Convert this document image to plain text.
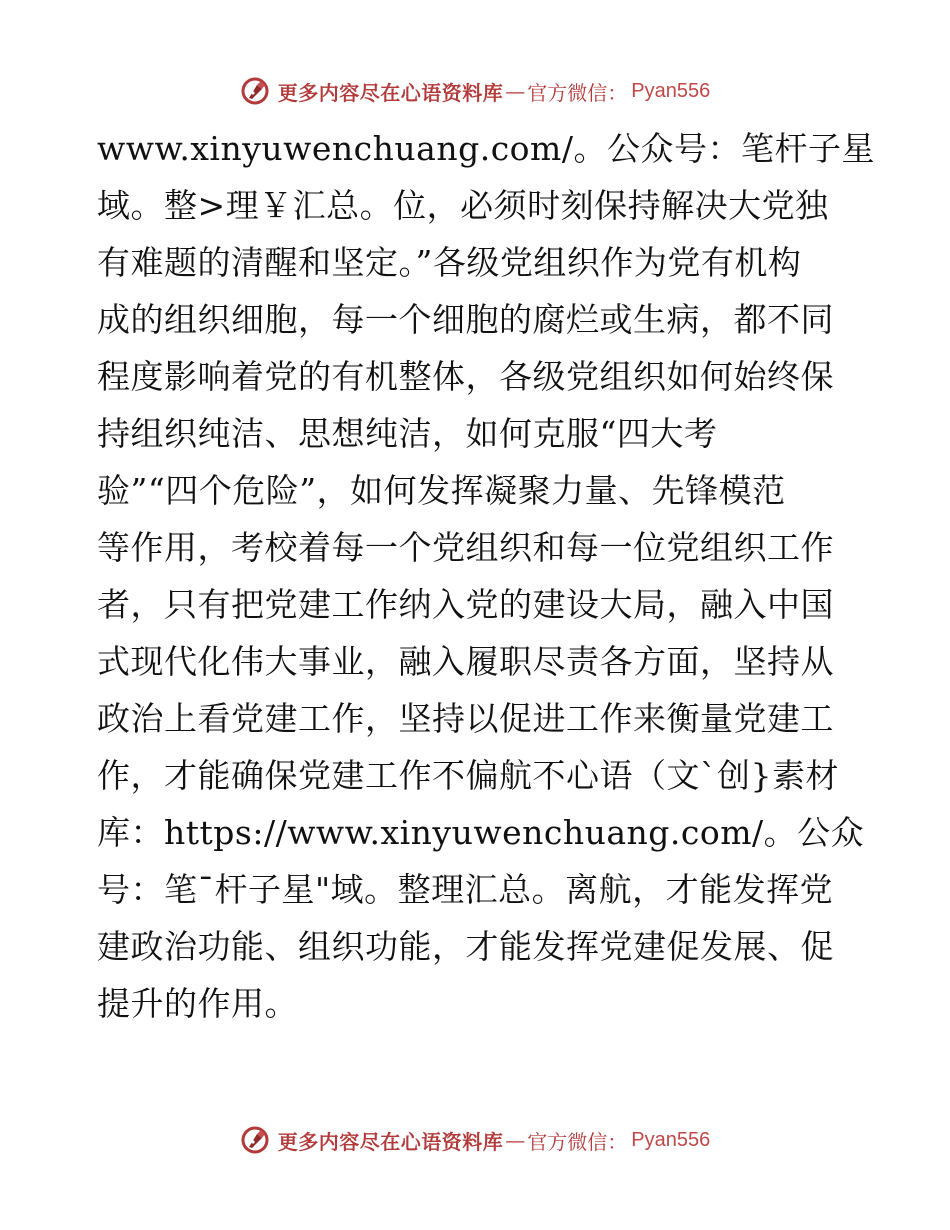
更多内容尽在心语资料库 — 官方微信： Pyan556
www.xinyuwenchuang.com/。公众号：笔杆子星
域。整>理￥汇总。位，必须时刻保持解决大党独
有难题的清醒和坚定。”各级党组织作为党有机构
成的组织细胞，每一个细胞的腐烂或生病，都不同
程度影响着党的有机整体，各级党组织如何始终保
持组织纯洁、思想纯洁，如何克服“四大考
验”“四个危险”，如何发挥凝聚力量、先锋模范
等作用，考校着每一个党组织和每一位党组织工作
者，只有把党建工作纳入党的建设大局，融入中国
式现代化伟大事业，融入履职尽责各方面，坚持从
政治上看党建工作，坚持以促进工作来衡量党建工
作，才能确保党建工作不偏航不心语（文`创}素材
库：https://www.xinyuwenchuang.com/。公众
号：笔¯杆子星"域。整理汇总。离航，才能发挥党
建政治功能、组织功能，才能发挥党建促发展、促
提升的作用。
更多内容尽在心语资料库 — 官方微信： Pyan556
